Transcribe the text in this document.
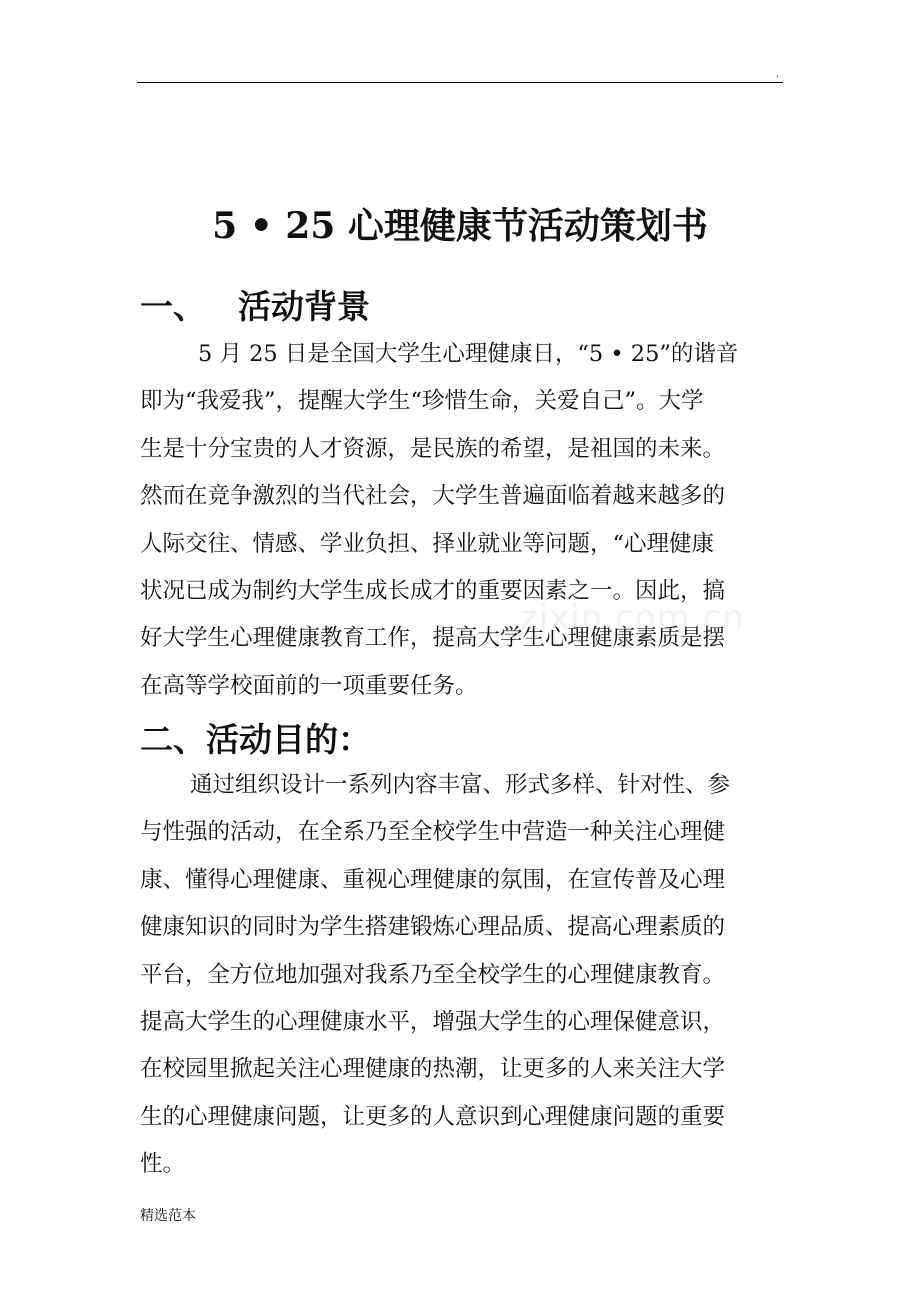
.
5 • 25 心理健康节活动策划书
一、 活动背景
5 月 25 日是全国大学生心理健康日，“5 • 25”的谐音
即为“我爱我”，提醒大学生“珍惜生命，关爱自己”。大学
生是十分宝贵的人才资源，是民族的希望，是祖国的未来。
然而在竞争激烈的当代社会，大学生普遍面临着越来越多的
人际交往、情感、学业负担、择业就业等问题，“心理健康
状况已成为制约大学生成长成才的重要因素之一。因此，搞
好大学生心理健康教育工作，提高大学生心理健康素质是摆
在高等学校面前的一项重要任务。
二、活动目的：
通过组织设计一系列内容丰富、形式多样、针对性、参
与性强的活动，在全系乃至全校学生中营造一种关注心理健
康、懂得心理健康、重视心理健康的氛围，在宣传普及心理
健康知识的同时为学生搭建锻炼心理品质、提高心理素质的
平台，全方位地加强对我系乃至全校学生的心理健康教育。
提高大学生的心理健康水平，增强大学生的心理保健意识，
在校园里掀起关注心理健康的热潮，让更多的人来关注大学
生的心理健康问题，让更多的人意识到心理健康问题的重要
性。
zixin.com.cn
精选范本
